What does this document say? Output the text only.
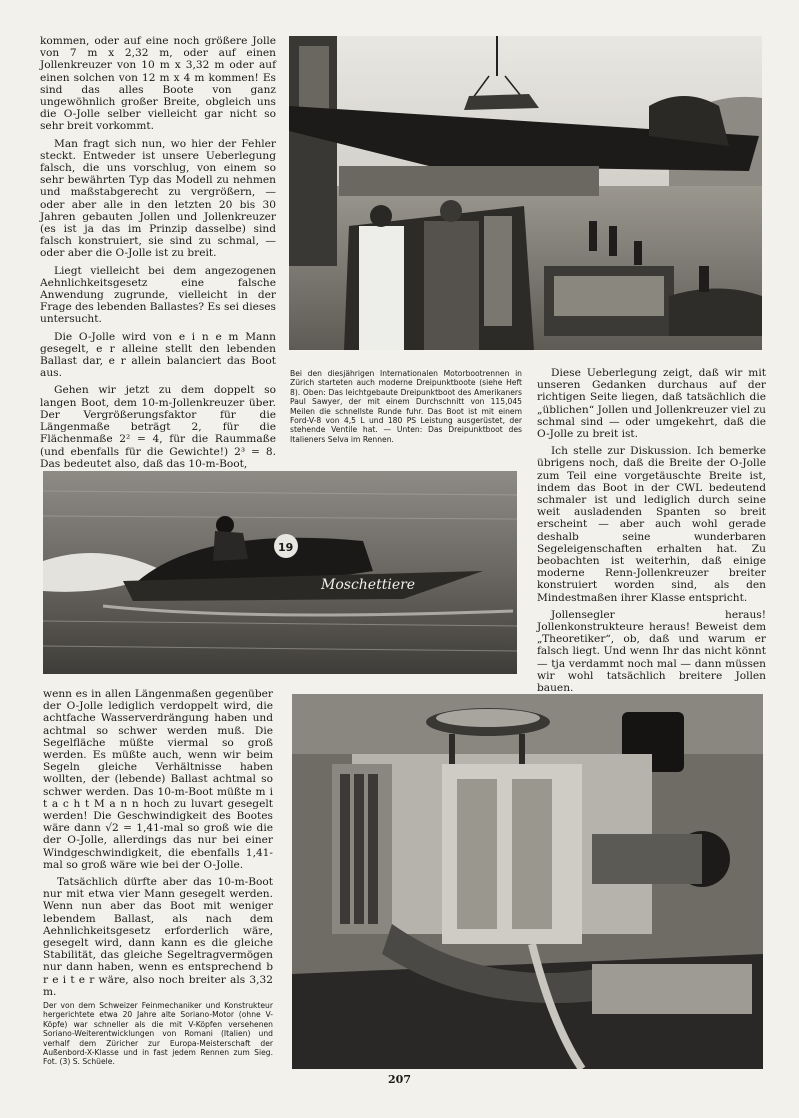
kommen, oder auf eine noch größere Jolle von 7 m x 2,32 m, oder auf einen Jollenkreuzer von 10 m x 3,32 m oder auf einen solchen von 12 m x 4 m kommen! Es sind das alles Boote von ganz ungewöhnlich großer Breite, obgleich uns die O-Jolle selber vielleicht gar nicht so sehr breit vorkommt.

Man fragt sich nun, wo hier der Fehler steckt. Entweder ist unsere Ueberlegung falsch, die uns vorschlug, von einem so sehr bewährten Typ das Modell zu nehmen und maßstabgerecht zu vergrößern, — oder aber alle in den letzten 20 bis 30 Jahren gebauten Jollen und Jollenkreuzer (es ist ja das im Prinzip dasselbe) sind falsch konstruiert, sie sind zu schmal, — oder aber die O-Jolle ist zu breit.

Liegt vielleicht bei dem angezogenen Aehnlichkeitsgesetz eine falsche Anwendung zugrunde, vielleicht in der Frage des lebenden Ballastes? Es sei dieses untersucht.

Die O-Jolle wird von e i n e m Mann gesegelt, e r alleine stellt den lebenden Ballast dar, e r allein balanciert das Boot aus.

Gehen wir jetzt zu dem doppelt so langen Boot, dem 10-m-Jollenkreuzer über. Der Vergrößerungsfaktor für die Längenmaße beträgt 2, für die Flächenmaße 2² = 4, für die Raummaße (und ebenfalls für die Gewichte!) 2³ = 8. Das bedeutet also, daß das 10-m-Boot,

Bei den diesjährigen Internationalen Motorbootrennen in Zürich starteten auch moderne Dreipunktboote (siehe Heft 8). Oben: Das leichtgebaute Dreipunktboot des Amerikaners Paul Sawyer, der mit einem Durchschnitt von 115,045 Meilen die schnellste Runde fuhr. Das Boot ist mit einem Ford-V-8 von 4,5 L und 180 PS Leistung ausgerüstet, der stehende Ventile hat. — Unten: Das Dreipunktboot des Italieners Selva im Rennen.

Diese Ueberlegung zeigt, daß wir mit unseren Gedanken durchaus auf der richtigen Seite liegen, daß tatsächlich die „üblichen“ Jollen und Jollenkreuzer viel zu schmal sind — oder umgekehrt, daß die O-Jolle zu breit ist.

Ich stelle zur Diskussion. Ich bemerke übrigens noch, daß die Breite der O-Jolle zum Teil eine vorgetäuschte Breite ist, indem das Boot in der CWL bedeutend schmaler ist und lediglich durch seine weit ausladenden Spanten so breit erscheint — aber auch wohl gerade deshalb seine wunderbaren Segeleigenschaften erhalten hat. Zu beobachten ist weiterhin, daß einige moderne Renn-Jollenkreuzer breiter konstruiert worden sind, als den Mindestmaßen ihrer Klasse entspricht.

Jollensegler heraus! Jollenkonstrukteure heraus! Beweist dem „Theoretiker“, ob, daß und warum er falsch liegt. Und wenn Ihr das nicht könnt — tja verdammt noch mal — dann müssen wir wohl tatsächlich breitere Jollen bauen.

Moschettiere
19

wenn es in allen Längenmaßen gegenüber der O-Jolle lediglich verdoppelt wird, die achtfache Wasserverdrängung haben und achtmal so schwer werden muß. Die Segelfläche müßte viermal so groß werden. Es müßte auch, wenn wir beim Segeln gleiche Verhältnisse haben wollten, der (lebende) Ballast achtmal so schwer werden. Das 10-m-Boot müßte m i t a c h t M a n n hoch zu luvart gesegelt werden! Die Geschwindigkeit des Bootes wäre dann √2 = 1,41-mal so groß wie die der O-Jolle, allerdings das nur bei einer Windgeschwindigkeit, die ebenfalls 1,41-mal so groß wäre wie bei der O-Jolle.

Tatsächlich dürfte aber das 10-m-Boot nur mit etwa vier Mann gesegelt werden. Wenn nun aber das Boot mit weniger lebendem Ballast, als nach dem Aehnlichkeitsgesetz erforderlich wäre, gesegelt wird, dann kann es die gleiche Stabilität, das gleiche Segeltragvermögen nur dann haben, wenn es entsprechend b r e i t e r wäre, also noch breiter als 3,32 m.

Der von dem Schweizer Feinmechaniker und Konstrukteur hergerichtete etwa 20 Jahre alte Soriano-Motor (ohne V-Köpfe) war schneller als die mit V-Köpfen versehenen Soriano-Weiterentwicklungen von Romani (Italien) und verhalf dem Züricher zur Europa-Meisterschaft der Außenbord-X-Klasse und in fast jedem Rennen zum Sieg. Fot. (3) S. Schüele.
207
